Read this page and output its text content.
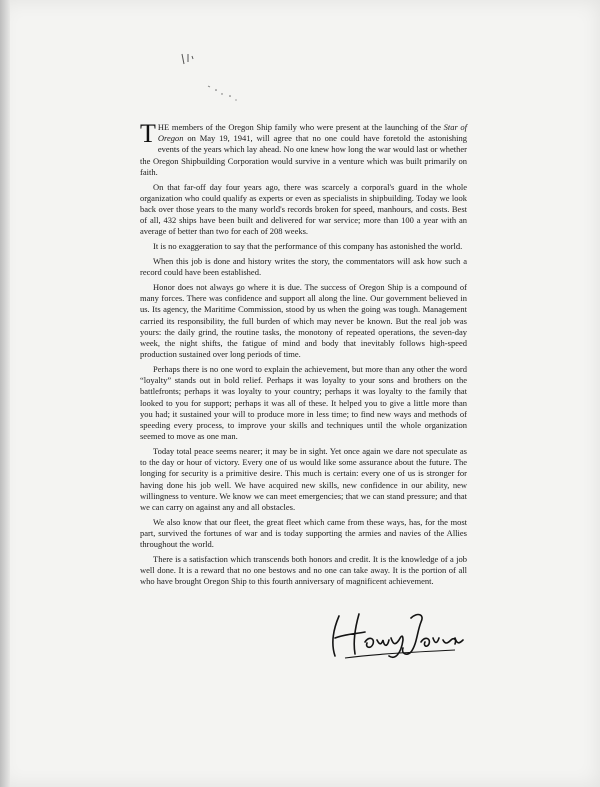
THE members of the Oregon Ship family who were present at the launching of the Star of Oregon on May 19, 1941, will agree that no one could have foretold the astonishing events of the years which lay ahead. No one knew how long the war would last or whether the Oregon Shipbuilding Corporation would survive in a venture which was built primarily on faith.

On that far-off day four years ago, there was scarcely a corporal's guard in the whole organization who could qualify as experts or even as specialists in shipbuilding. Today we look back over those years to the many world's records broken for speed, manhours, and costs. Best of all, 432 ships have been built and delivered for war service; more than 100 a year with an average of better than two for each of 208 weeks.

It is no exaggeration to say that the performance of this company has astonished the world.

When this job is done and history writes the story, the commentators will ask how such a record could have been established.

Honor does not always go where it is due. The success of Oregon Ship is a compound of many forces. There was confidence and support all along the line. Our government believed in us. Its agency, the Maritime Commission, stood by us when the going was tough. Management carried its responsibility, the full burden of which may never be known. But the real job was yours: the daily grind, the routine tasks, the monotony of repeated operations, the seven-day week, the night shifts, the fatigue of mind and body that inevitably follows high-speed production sustained over long periods of time.

Perhaps there is no one word to explain the achievement, but more than any other the word “loyalty” stands out in bold relief. Perhaps it was loyalty to your sons and brothers on the battlefronts; perhaps it was loyalty to your country; perhaps it was loyalty to the family that looked to you for support; perhaps it was all of these. It helped you to give a little more than you had; it sustained your will to produce more in less time; to find new ways and methods of speeding every process, to improve your skills and techniques until the whole organization seemed to move as one man.

Today total peace seems nearer; it may be in sight. Yet once again we dare not speculate as to the day or hour of victory. Every one of us would like some assurance about the future. The longing for security is a primitive desire. This much is certain: every one of us is stronger for having done his job well. We have acquired new skills, new confidence in our ability, new willingness to venture. We know we can meet emergencies; that we can stand pressure; and that we can carry on against any and all obstacles.

We also know that our fleet, the great fleet which came from these ways, has, for the most part, survived the fortunes of war and is today supporting the armies and navies of the Allies throughout the world.

There is a satisfaction which transcends both honors and credit. It is the knowledge of a job well done. It is a reward that no one bestows and no one can take away. It is the portion of all who have brought Oregon Ship to this fourth anniversary of magnificent achievement.
